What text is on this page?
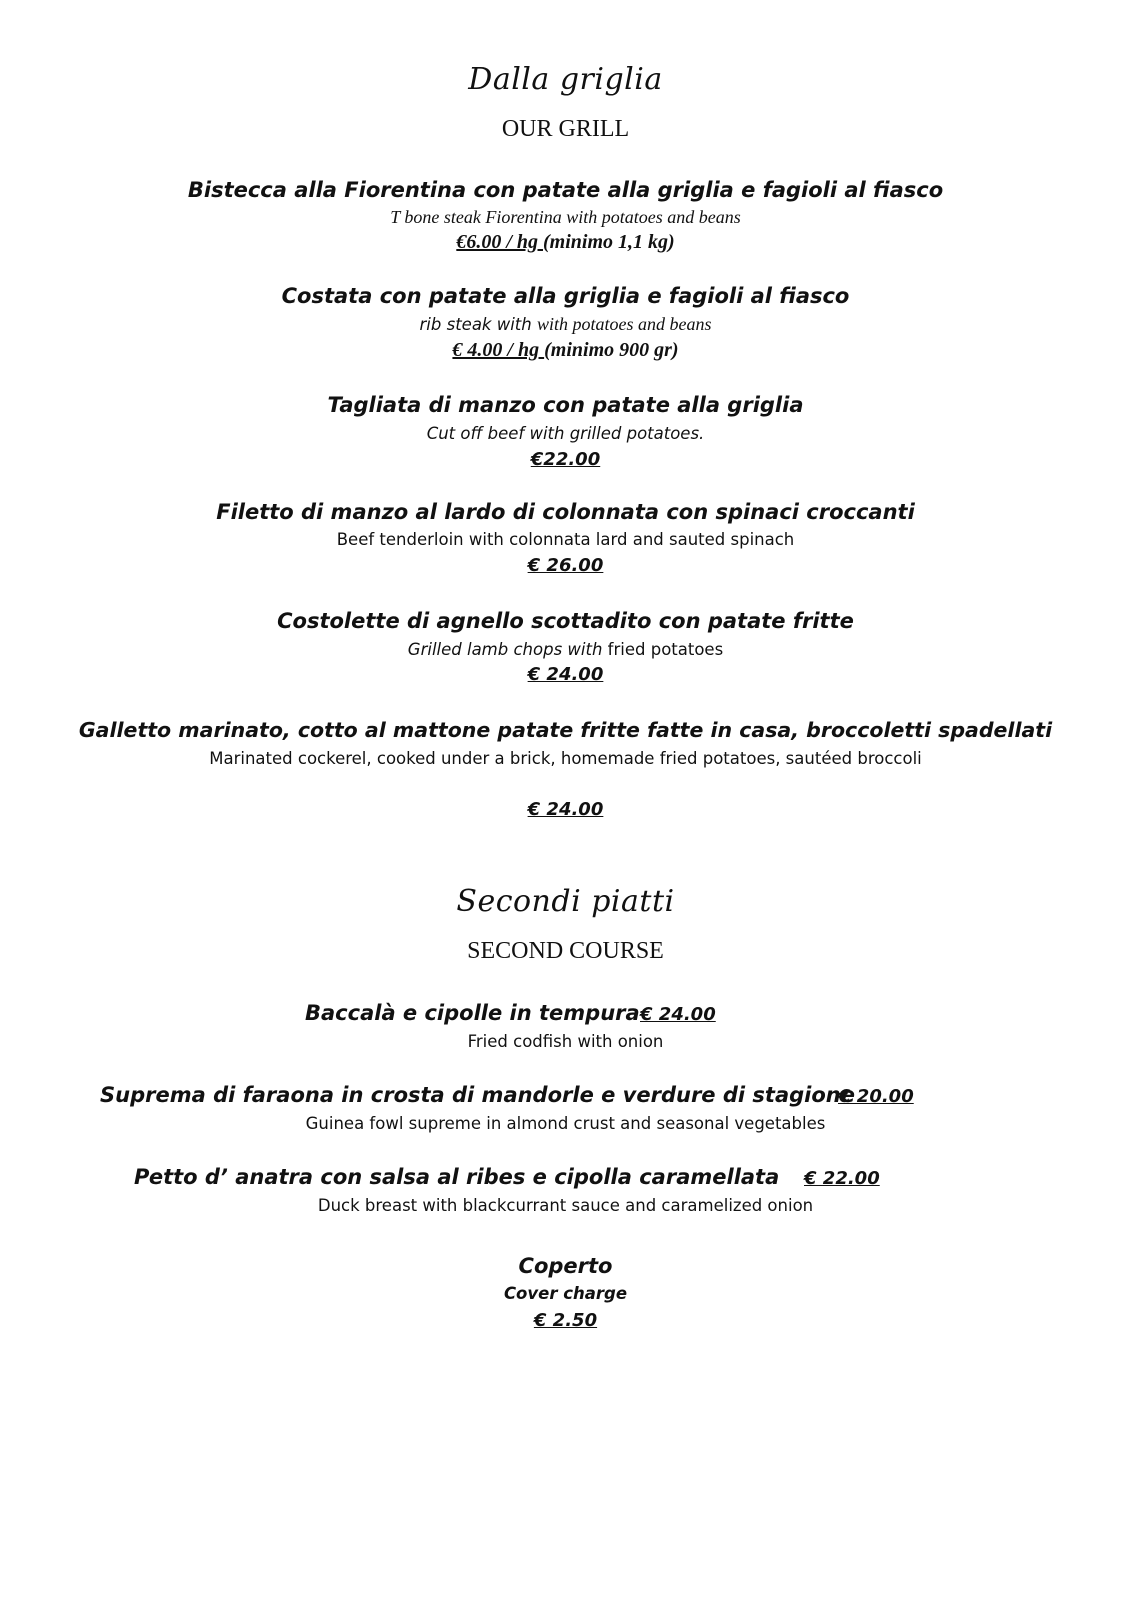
Dalla griglia
OUR GRILL
Bistecca alla Fiorentina con patate alla griglia e fagioli al fiasco
T bone steak Fiorentina with potatoes and beans
€6.00 / hg (minimo 1,1 kg)
Costata con patate alla griglia e fagioli al fiasco
rib steak with with potatoes and beans
€ 4.00 / hg (minimo 900 gr)
Tagliata di manzo con patate alla griglia
Cut off beef with grilled potatoes.
€22.00
Filetto di manzo al lardo di colonnata con spinaci croccanti
Beef tenderloin with colonnata lard and sauted spinach
€ 26.00
Costolette di agnello scottadito con patate fritte
Grilled lamb chops with fried potatoes
€ 24.00
Galletto marinato, cotto al mattone patate fritte fatte in casa, broccoletti spadellati
Marinated cockerel, cooked under a brick, homemade fried potatoes, sautéed broccoli
€ 24.00
Secondi piatti
SECOND COURSE
Baccalà e cipolle in tempura € 24.00
Fried codfish with onion
Suprema di faraona in crosta di mandorle e verdure di stagione
€ 20.00
Guinea fowl supreme in almond crust and seasonal vegetables
Petto d’ anatra con salsa al ribes e cipolla caramellata € 22.00
Duck breast with blackcurrant sauce and caramelized onion
Coperto
Cover charge
€ 2.50
